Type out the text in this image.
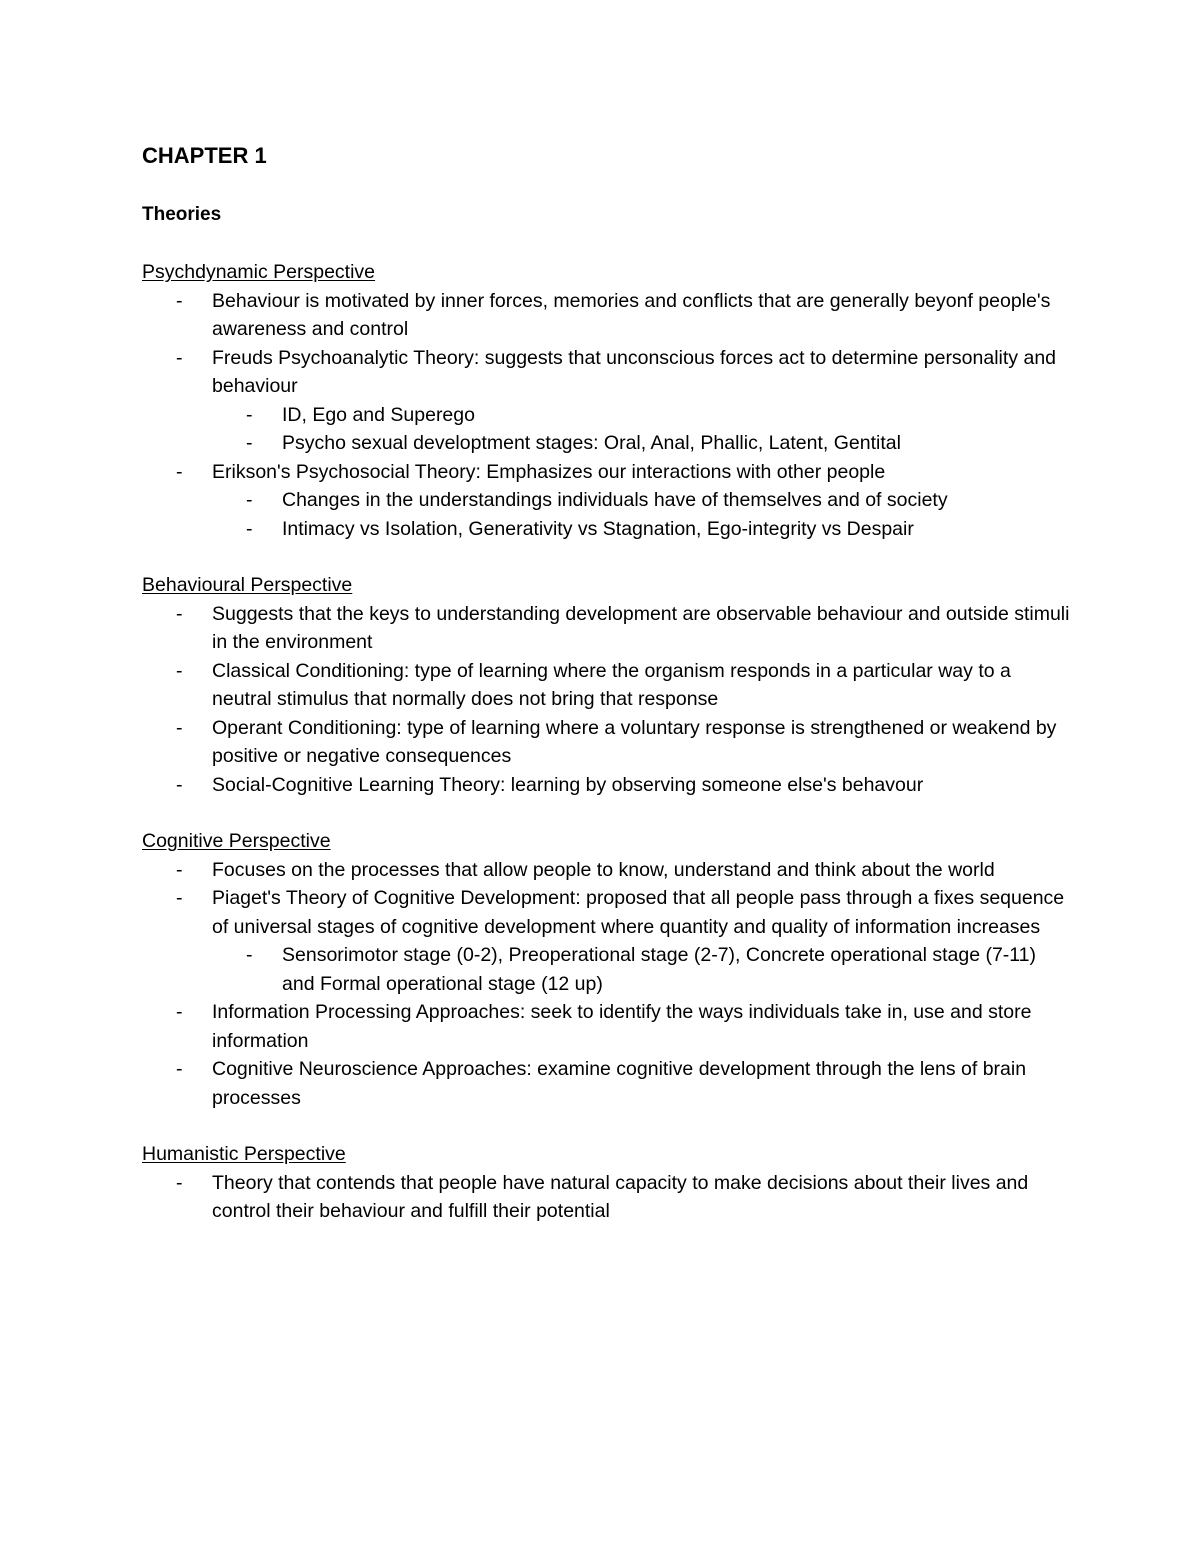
CHAPTER 1
Theories
Psychdynamic Perspective
- Behaviour is motivated by inner forces, memories and conflicts that are generally beyonf people's awareness and control
- Freuds Psychoanalytic Theory: suggests that unconscious forces act to determine personality and behaviour
- ID, Ego and Superego
- Psycho sexual developtment stages: Oral, Anal, Phallic, Latent, Gentital
- Erikson's Psychosocial Theory: Emphasizes our interactions with other people
- Changes in the understandings individuals have of themselves and of society
- Intimacy vs Isolation, Generativity vs Stagnation, Ego-integrity vs Despair
Behavioural Perspective
- Suggests that the keys to understanding development are observable behaviour and outside stimuli in the environment
- Classical Conditioning: type of learning where the organism responds in a particular way to a neutral stimulus that normally does not bring that response
- Operant Conditioning: type of learning where a voluntary response is strengthened or weakend by positive or negative consequences
- Social-Cognitive Learning Theory: learning by observing someone else's behavour
Cognitive Perspective
- Focuses on the processes that allow people to know, understand and think about the world
- Piaget's Theory of Cognitive Development: proposed that all people pass through a fixes sequence of universal stages of cognitive development where quantity and quality of information increases
- Sensorimotor stage (0-2), Preoperational stage (2-7), Concrete operational stage (7-11) and Formal operational stage (12 up)
- Information Processing Approaches: seek to identify the ways individuals take in, use and store information
- Cognitive Neuroscience Approaches: examine cognitive development through the lens of brain processes
Humanistic Perspective
- Theory that contends that people have natural capacity to make decisions about their lives and control their behaviour and fulfill their potential
